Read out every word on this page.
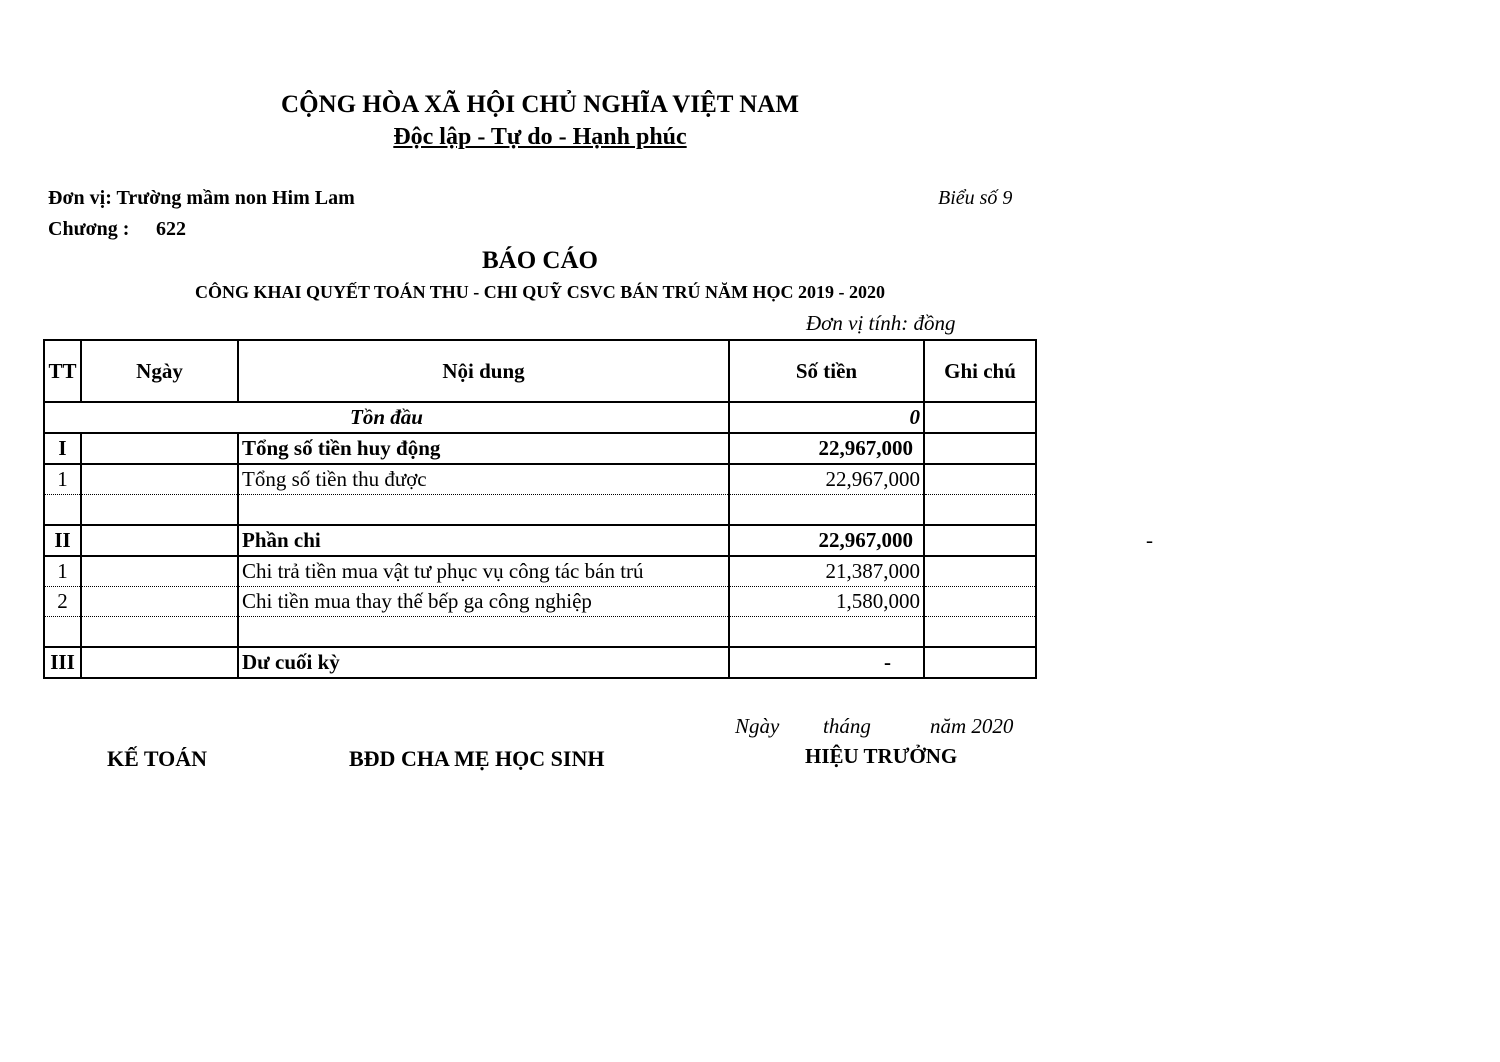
CỘNG HÒA XÃ HỘI CHỦ NGHĨA VIỆT NAM
Độc lập - Tự do - Hạnh phúc
Đơn vị: Trường mầm non Him Lam	Biểu số 9
Chương : 622
BÁO CÁO
CÔNG KHAI QUYẾT TOÁN THU - CHI QUỸ CSVC BÁN TRÚ NĂM HỌC 2019 - 2020
Đơn vị tính: đồng
TT	Ngày	Nội dung	Số tiền	Ghi chú
Tồn đầu			0	
I		Tổng số tiền huy động	22,967,000	
1		Tổng số tiền thu được	22,967,000	

II		Phần chi	22,967,000	
1		Chi trả tiền mua vật tư phục vụ công tác bán trú	21,387,000	
2		Chi tiền mua thay thế bếp ga công nghiệp	1,580,000	

III		Dư cuối kỳ	-	
-
Ngày tháng	năm 2020
KẾ TOÁN	BĐD CHA MẸ HỌC SINH	HIỆU TRƯỞNG
